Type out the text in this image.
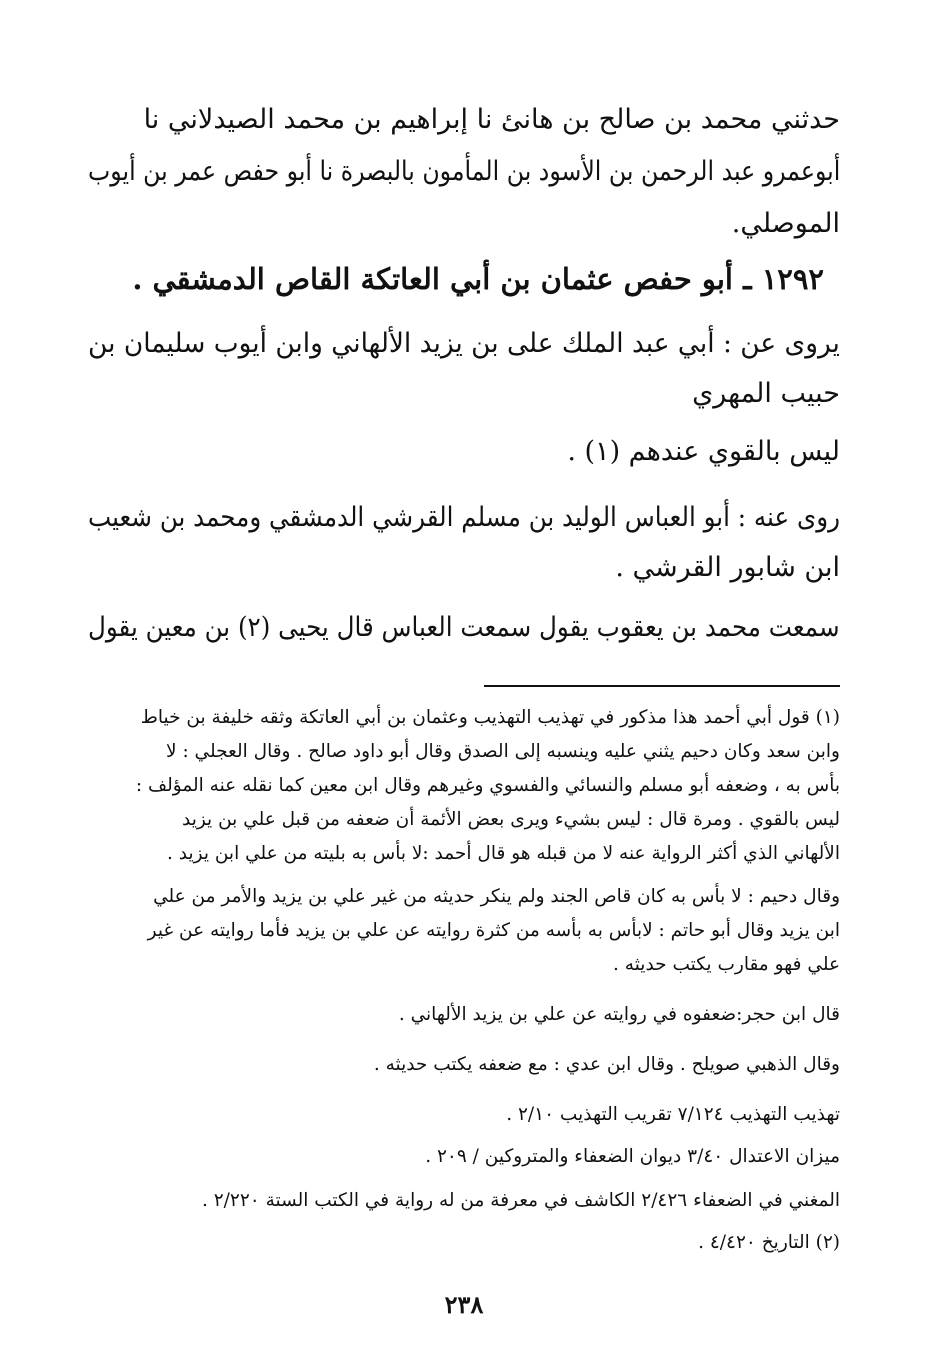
حدثني محمد بن صالح بن هانئ نا إبراهيم بن محمد الصيدلاني نا
أبوعمرو عبد الرحمن بن الأسود بن المأمون بالبصرة نا أبو حفص عمر بن أيوب
الموصلي.
١٢٩٢ ـ أبو حفص عثمان بن أبي العاتكة القاص الدمشقي .
يروى عن : أبي عبد الملك على بن يزيد الألهاني وابن أيوب سليمان بن
حبيب المهري
ليس بالقوي عندهم (١) .
روى عنه : أبو العباس الوليد بن مسلم القرشي الدمشقي ومحمد بن شعيب
ابن شابور القرشي .
سمعت محمد بن يعقوب يقول سمعت العباس قال يحيى (٢) بن معين يقول
(١) قول أبي أحمد هذا مذكور في تهذيب التهذيب وعثمان بن أبي العاتكة وثقه خليفة بن خياط
وابن سعد وكان دحيم يثني عليه وينسبه إلى الصدق وقال أبو داود صالح . وقال العجلي : لا
بأس به ، وضعفه أبو مسلم والنسائي والفسوي وغيرهم وقال ابن معين كما نقله عنه المؤلف :
ليس بالقوي . ومرة قال : ليس بشيء ويرى بعض الأئمة أن ضعفه من قبل علي بن يزيد
الألهاني الذي أكثر الرواية عنه لا من قبله هو قال أحمد :لا بأس به بليته من علي ابن يزيد .
وقال دحيم : لا بأس به كان قاص الجند ولم ينكر حديثه من غير علي بن يزيد والأمر من علي
ابن يزيد وقال أبو حاتم : لابأس به بأسه من كثرة روايته عن علي بن يزيد فأما روايته عن غير
علي فهو مقارب يكتب حديثه .
قال ابن حجر:ضعفوه في روايته عن علي بن يزيد الألهاني .
وقال الذهبي صويلح . وقال ابن عدي : مع ضعفه يكتب حديثه .
تهذيب التهذيب ٧/١٢٤ تقريب التهذيب ٢/١٠ .
ميزان الاعتدال ٣/٤٠ ديوان الضعفاء والمتروكين / ٢٠٩ .
المغني في الضعفاء ٢/٤٢٦ الكاشف في معرفة من له رواية في الكتب الستة ٢/٢٢٠ .
(٢) التاريخ ٤/٤٢٠ .
٢٣٨
